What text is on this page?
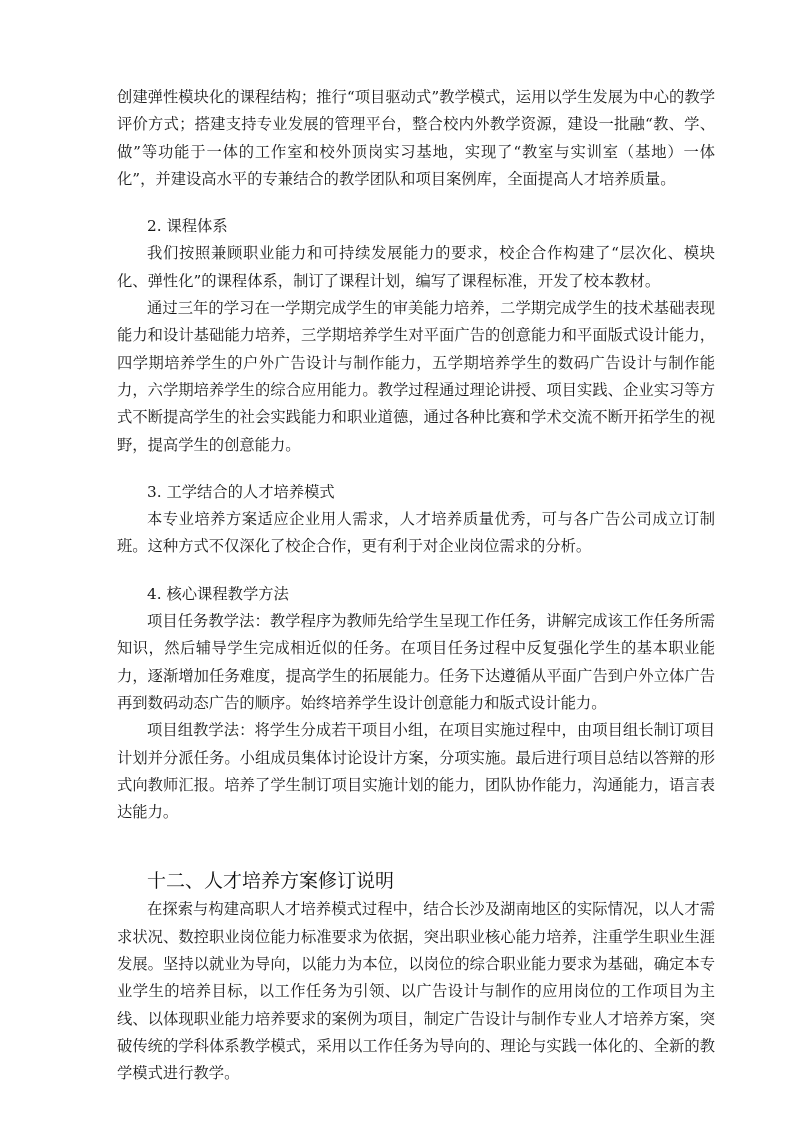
创建弹性模块化的课程结构；推行“项目驱动式”教学模式，运用以学生发展为中心的教学评价方式；搭建支持专业发展的管理平台，整合校内外教学资源，建设一批融“教、学、做”等功能于一体的工作室和校外顶岗实习基地，实现了“教室与实训室（基地）一体化”，并建设高水平的专兼结合的教学团队和项目案例库，全面提高人才培养质量。

2. 课程体系

我们按照兼顾职业能力和可持续发展能力的要求，校企合作构建了“层次化、模块化、弹性化”的课程体系，制订了课程计划，编写了课程标准，开发了校本教材。

通过三年的学习在一学期完成学生的审美能力培养，二学期完成学生的技术基础表现能力和设计基础能力培养，三学期培养学生对平面广告的创意能力和平面版式设计能力，四学期培养学生的户外广告设计与制作能力，五学期培养学生的数码广告设计与制作能力，六学期培养学生的综合应用能力。教学过程通过理论讲授、项目实践、企业实习等方式不断提高学生的社会实践能力和职业道德，通过各种比赛和学术交流不断开拓学生的视野，提高学生的创意能力。

3. 工学结合的人才培养模式

本专业培养方案适应企业用人需求，人才培养质量优秀，可与各广告公司成立订制班。这种方式不仅深化了校企合作，更有利于对企业岗位需求的分析。

4. 核心课程教学方法

项目任务教学法：教学程序为教师先给学生呈现工作任务，讲解完成该工作任务所需知识，然后辅导学生完成相近似的任务。在项目任务过程中反复强化学生的基本职业能力，逐渐增加任务难度，提高学生的拓展能力。任务下达遵循从平面广告到户外立体广告再到数码动态广告的顺序。始终培养学生设计创意能力和版式设计能力。

项目组教学法：将学生分成若干项目小组，在项目实施过程中，由项目组长制订项目计划并分派任务。小组成员集体讨论设计方案，分项实施。最后进行项目总结以答辩的形式向教师汇报。培养了学生制订项目实施计划的能力，团队协作能力，沟通能力，语言表达能力。

十二、人才培养方案修订说明

在探索与构建高职人才培养模式过程中，结合长沙及湖南地区的实际情况，以人才需求状况、数控职业岗位能力标准要求为依据，突出职业核心能力培养，注重学生职业生涯发展。坚持以就业为导向，以能力为本位，以岗位的综合职业能力要求为基础，确定本专业学生的培养目标，以工作任务为引领、以广告设计与制作的应用岗位的工作项目为主线、以体现职业能力培养要求的案例为项目，制定广告设计与制作专业人才培养方案，突破传统的学科体系教学模式，采用以工作任务为导向的、理论与实践一体化的、全新的教学模式进行教学。
